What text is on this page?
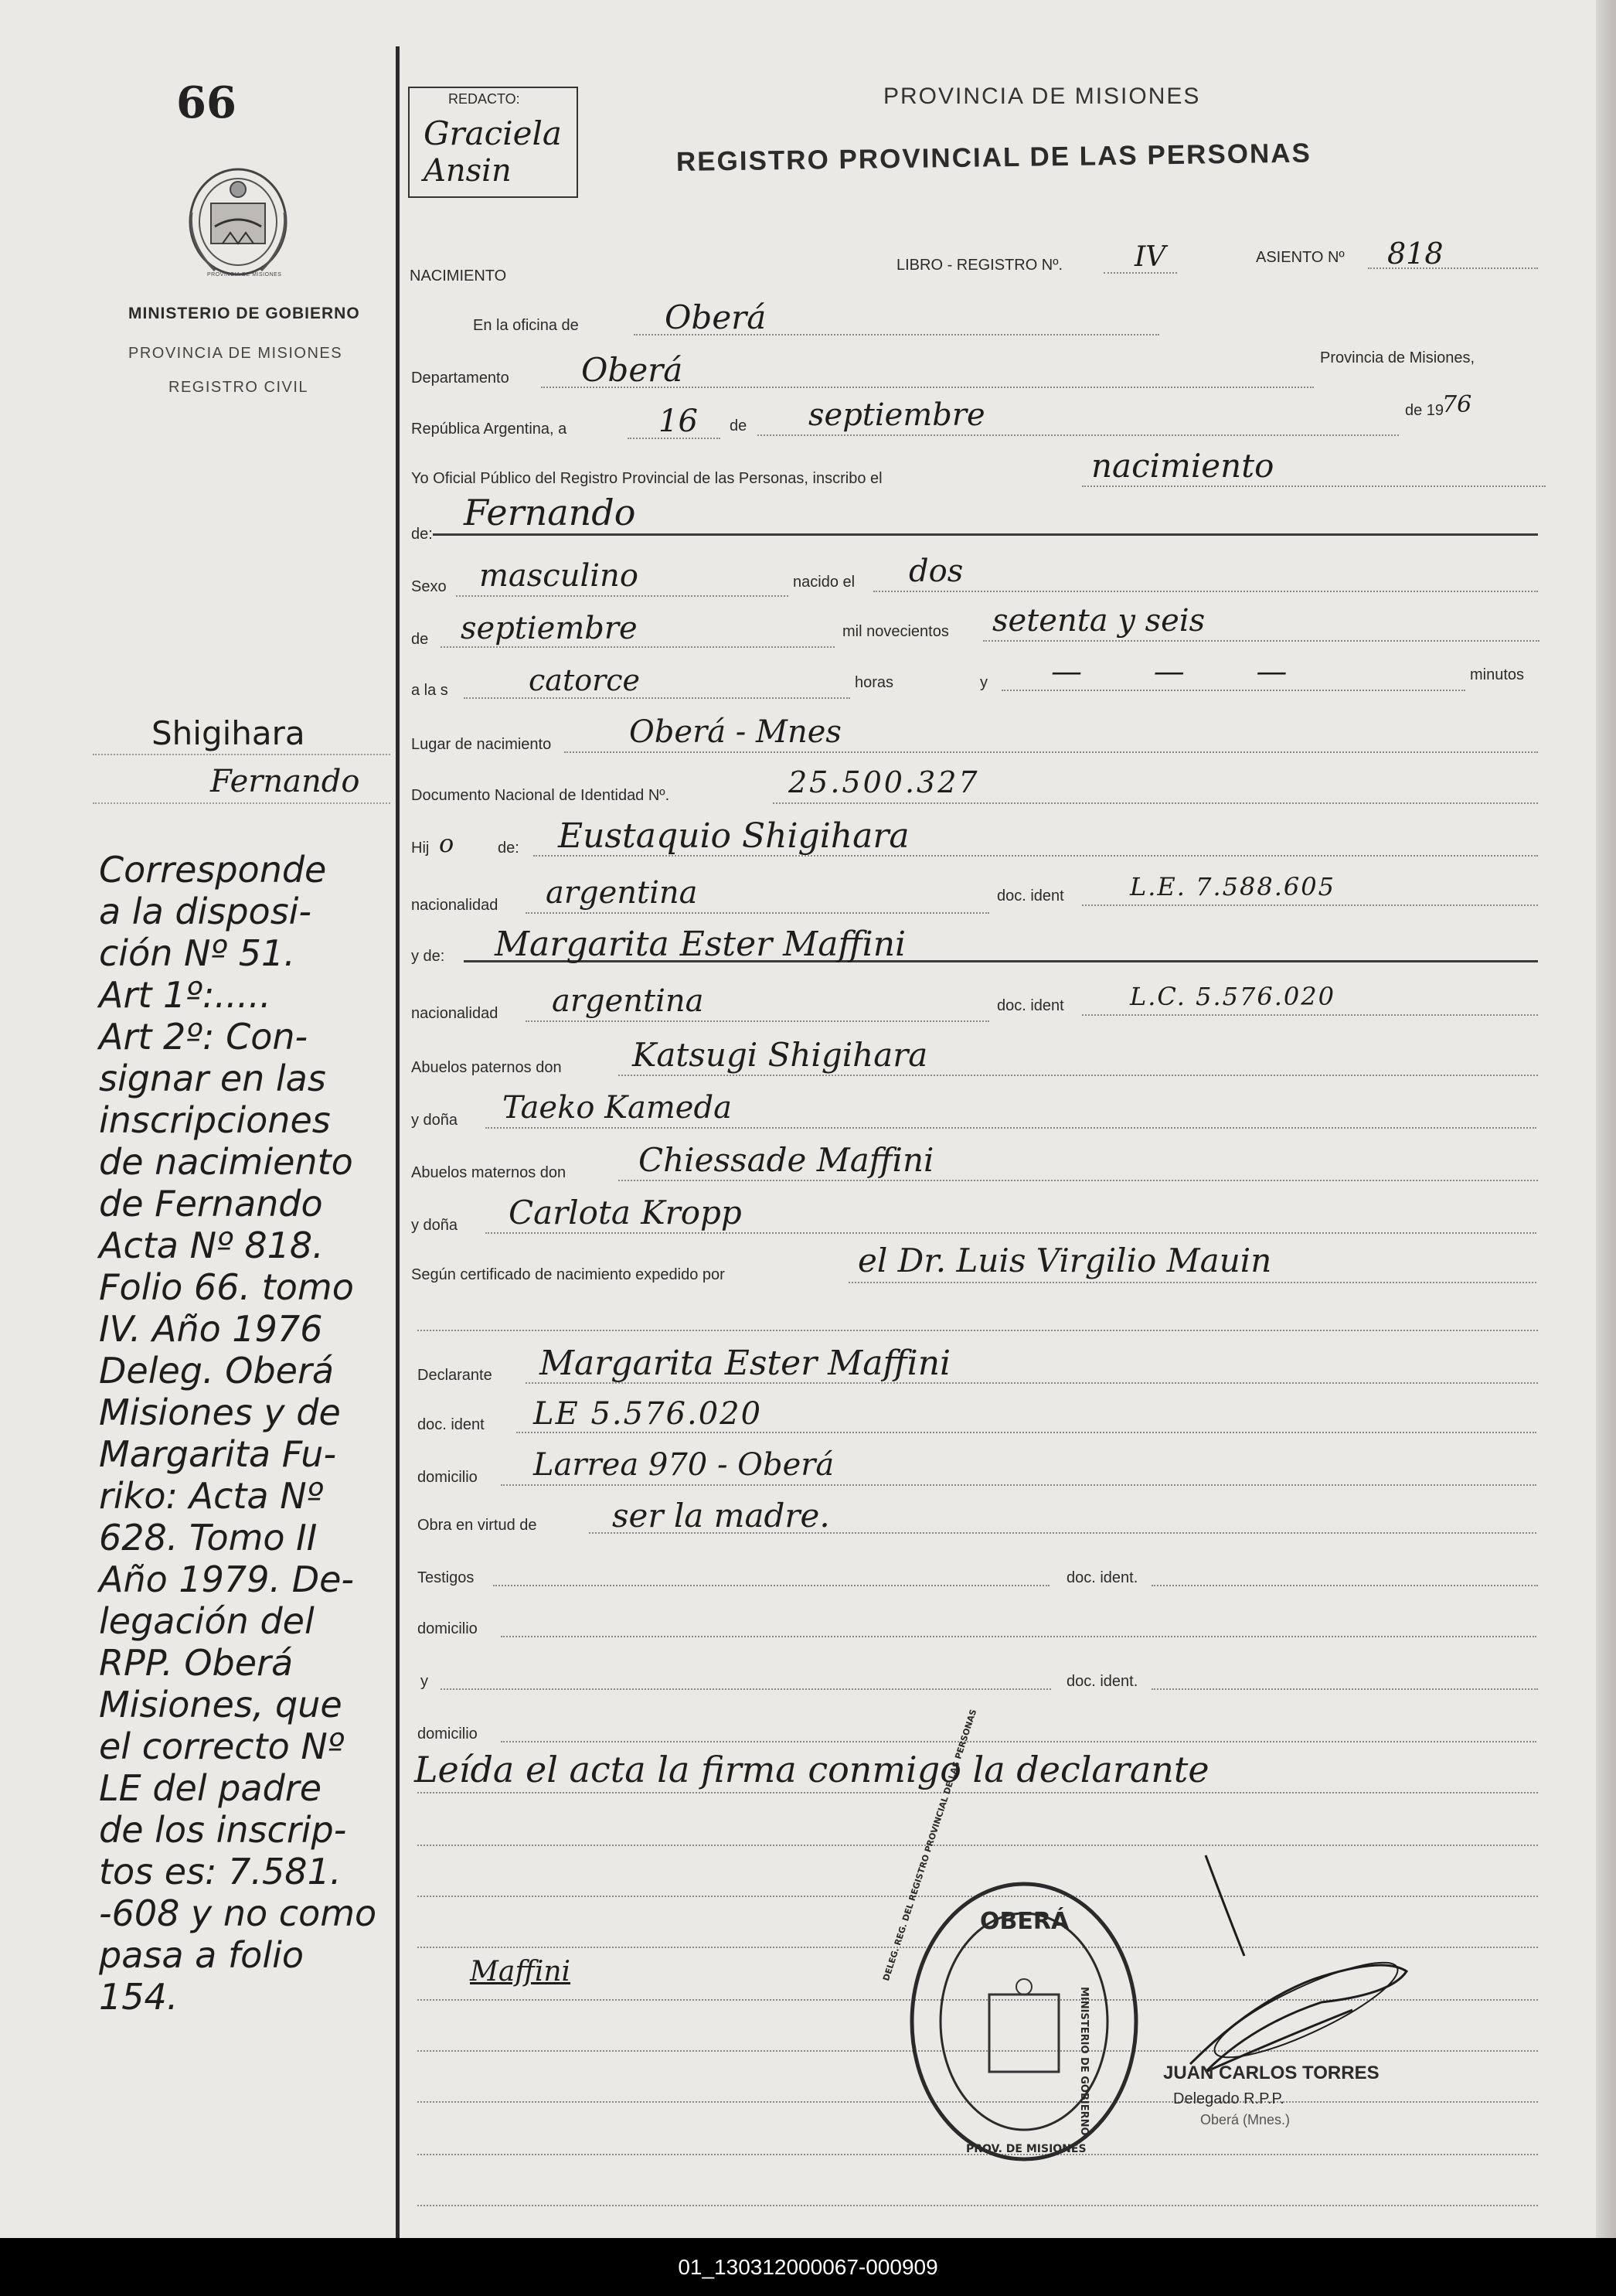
66
PROVINCIA DE MISIONES
MINISTERIO DE GOBIERNO
PROVINCIA DE MISIONES
REGISTRO CIVIL
REDACTO:
Graciela
Ansin
PROVINCIA DE MISIONES
REGISTRO PROVINCIAL DE LAS PERSONAS
NACIMIENTO
LIBRO - REGISTRO Nº.	IV	ASIENTO Nº 818
En la oficina de	Oberá
Departamento Oberá	Provincia de Misiones,
República Argentina, a	16 de septiembre	de 19
76
Yo Oficial Público del Registro Provincial de las Personas, inscribo el	nacimiento
de:
Fernando
Sexo masculino	nacido el dos
de septiembre	mil novecientos setenta y seis
a la s	catorce	horas	y — — —	minutos
Lugar de nacimiento	Oberá - Mnes
Documento Nacional de Identidad Nº.	25.500.327
Hij o	de: Eustaquio Shigihara
nacionalidad argentina	doc. ident	L.E. 7.588.605
y de: Margarita Ester Maffini
nacionalidad argentina	doc. ident	L.C. 5.576.020
Abuelos paternos don Katsugi Shigihara
y doña Taeko Kameda
Abuelos maternos don Chiessade Maffini
y doña Carlota Kropp
Según certificado de nacimiento expedido por	el Dr. Luis Virgilio Mauin
Declarante Margarita Ester Maffini
doc. ident LE 5.576.020
domicilio Larrea 970 - Oberá
Obra en virtud de ser la madre.
Testigos	doc. ident.
domicilio
y	doc. ident.
domicilio
Leída el acta la firma conmigo la declarante
Maffini
OBERÁ
DELEG. REG. DEL REGISTRO PROVINCIAL DE LAS PERSONAS
MINISTERIO DE GOBIERNO
PROV. DE MISIONES
JUAN CARLOS TORRES
Delegado R.P.P.
Oberá (Mnes.)
Shigihara
Fernando
Corresponde
a la disposi-
ción Nº 51.
Art 1º:.....
Art 2º: Con-
signar en las
inscripciones
de nacimiento
de Fernando
Acta Nº 818.
Folio 66. tomo
IV. Año 1976
Deleg. Oberá
Misiones y de
Margarita Fu-
riko: Acta Nº
628. Tomo II
Año 1979. De-
legación del
RPP. Oberá
Misiones, que
el correcto Nº
LE del padre
de los inscrip-
tos es: 7.581.
-608 y no como
pasa a folio
154.
01_130312000067-000909
